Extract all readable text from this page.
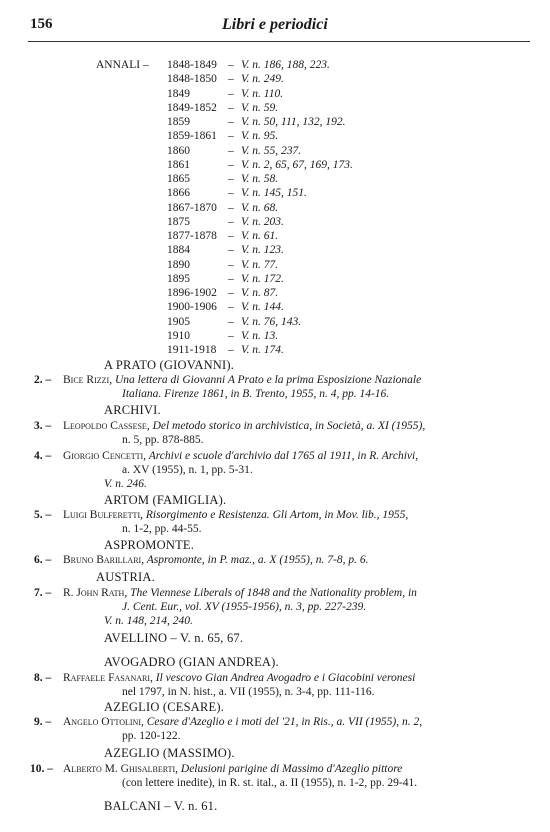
156	Libri e periodici
ANNALI – 1848-1849 – V. n. 186, 188, 223.
1848-1850 – V. n. 249.
1849	– V. n. 110.
1849-1852 – V. n. 59.
1859	– V. n. 50, 111, 132, 192.
1859-1861 – V. n. 95.
1860	– V. n. 55, 237.
1861	– V. n. 2, 65, 67, 169, 173.
1865	– V. n. 58.
1866	– V. n. 145, 151.
1867-1870 – V. n. 68.
1875	– V. n. 203.
1877-1878 – V. n. 61.
1884	– V. n. 123.
1890	– V. n. 77.
1895	– V. n. 172.
1896-1902 – V. n. 87.
1900-1906 – V. n. 144.
1905	– V. n. 76, 143.
1910	– V. n. 13.
1911-1918 – V. n. 174.
A PRATO (GIOVANNI).
2. – Bice Rizzi, Una lettera di Giovanni A Prato e la prima Esposizione Nazionale
Italiana. Firenze 1861, in B. Trento, 1955, n. 4, pp. 14-16.
ARCHIVI.
3. – Leopoldo Cassese, Del metodo storico in archivistica, in Società, a. XI (1955),
n. 5, pp. 878-885.
4. – Giorgio Cencetti, Archivi e scuole d'archivio dal 1765 al 1911, in R. Archivi,
a. XV (1955), n. 1, pp. 5-31.
V. n. 246.
ARTOM (FAMIGLIA).
5. – Luigi Bulferetti, Risorgimento e Resistenza. Gli Artom, in Mov. lib., 1955,
n. 1-2, pp. 44-55.
ASPROMONTE.
6. – Bruno Barillari, Aspromonte, in P. maz., a. X (1955), n. 7-8, p. 6.
AUSTRIA.
7. – R. John Rath, The Viennese Liberals of 1848 and the Nationality problem, in
J. Cent. Eur., vol. XV (1955-1956), n. 3, pp. 227-239.
V. n. 148, 214, 240.
AVELLINO – V. n. 65, 67.
AVOGADRO (GIAN ANDREA).
8. – Raffaele Fasanari, Il vescovo Gian Andrea Avogadro e i Giacobini veronesi
nel 1797, in N. hist., a. VII (1955), n. 3-4, pp. 111-116.
AZEGLIO (CESARE).
9. – Angelo Ottolini, Cesare d'Azeglio e i moti del '21, in Ris., a. VII (1955), n. 2,
pp. 120-122.
AZEGLIO (MASSIMO).
10. – Alberto M. Ghisalberti, Delusioni parigine di Massimo d'Azeglio pittore
(con lettere inedite), in R. st. ital., a. II (1955), n. 1-2, pp. 29-41.
BALCANI – V. n. 61.
